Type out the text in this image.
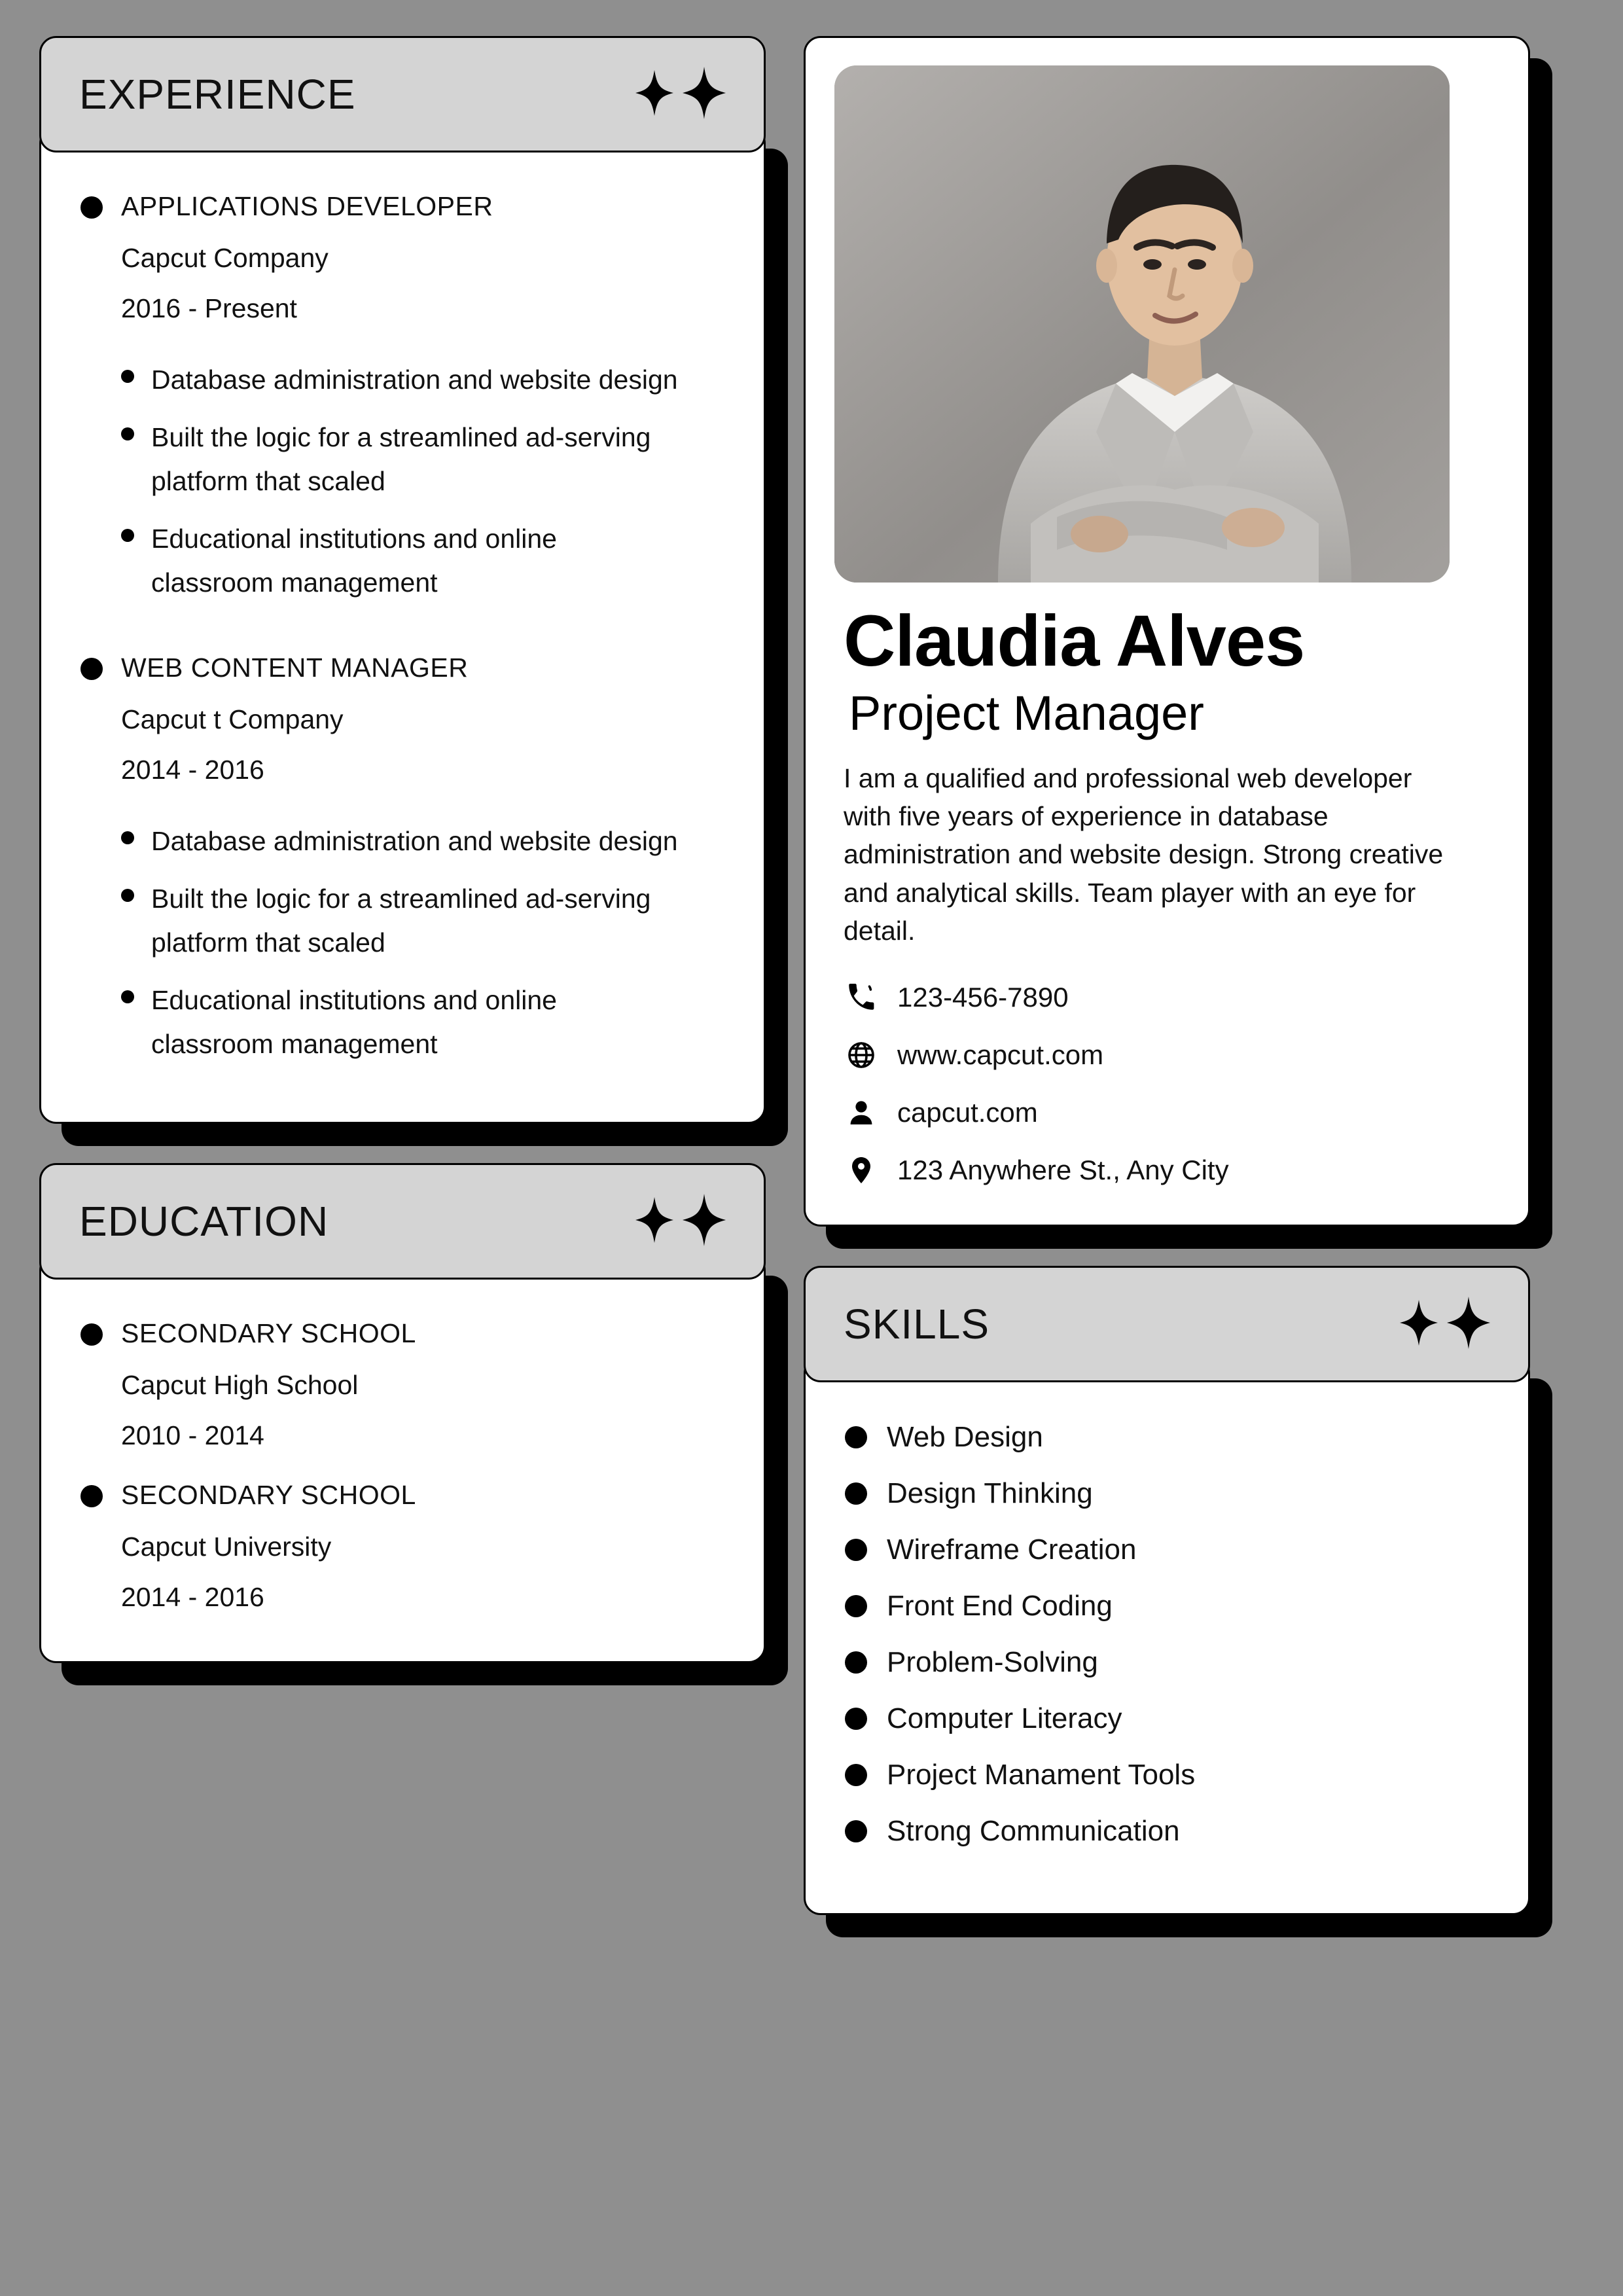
EXPERIENCE
APPLICATIONS DEVELOPER
Capcut Company
2016 - Present
Database administration and website design
Built the logic for a streamlined ad-serving platform that scaled
Educational institutions and online classroom management
WEB CONTENT MANAGER
Capcut t Company
2014 - 2016
Database administration and website design
Built the logic for a streamlined ad-serving platform that scaled
Educational institutions and online classroom management
EDUCATION
SECONDARY SCHOOL
Capcut High School
2010 - 2014
SECONDARY SCHOOL
Capcut University
2014 - 2016
Claudia Alves
Project Manager
I am a qualified and professional web developer with five years of experience in database administration and website design. Strong creative and analytical skills. Team player with an eye for detail.
123-456-7890
www.capcut.com
capcut.com
123 Anywhere St., Any City
SKILLS
Web Design
Design Thinking
Wireframe Creation
Front End Coding
Problem-Solving
Computer Literacy
Project Manament Tools
Strong Communication
